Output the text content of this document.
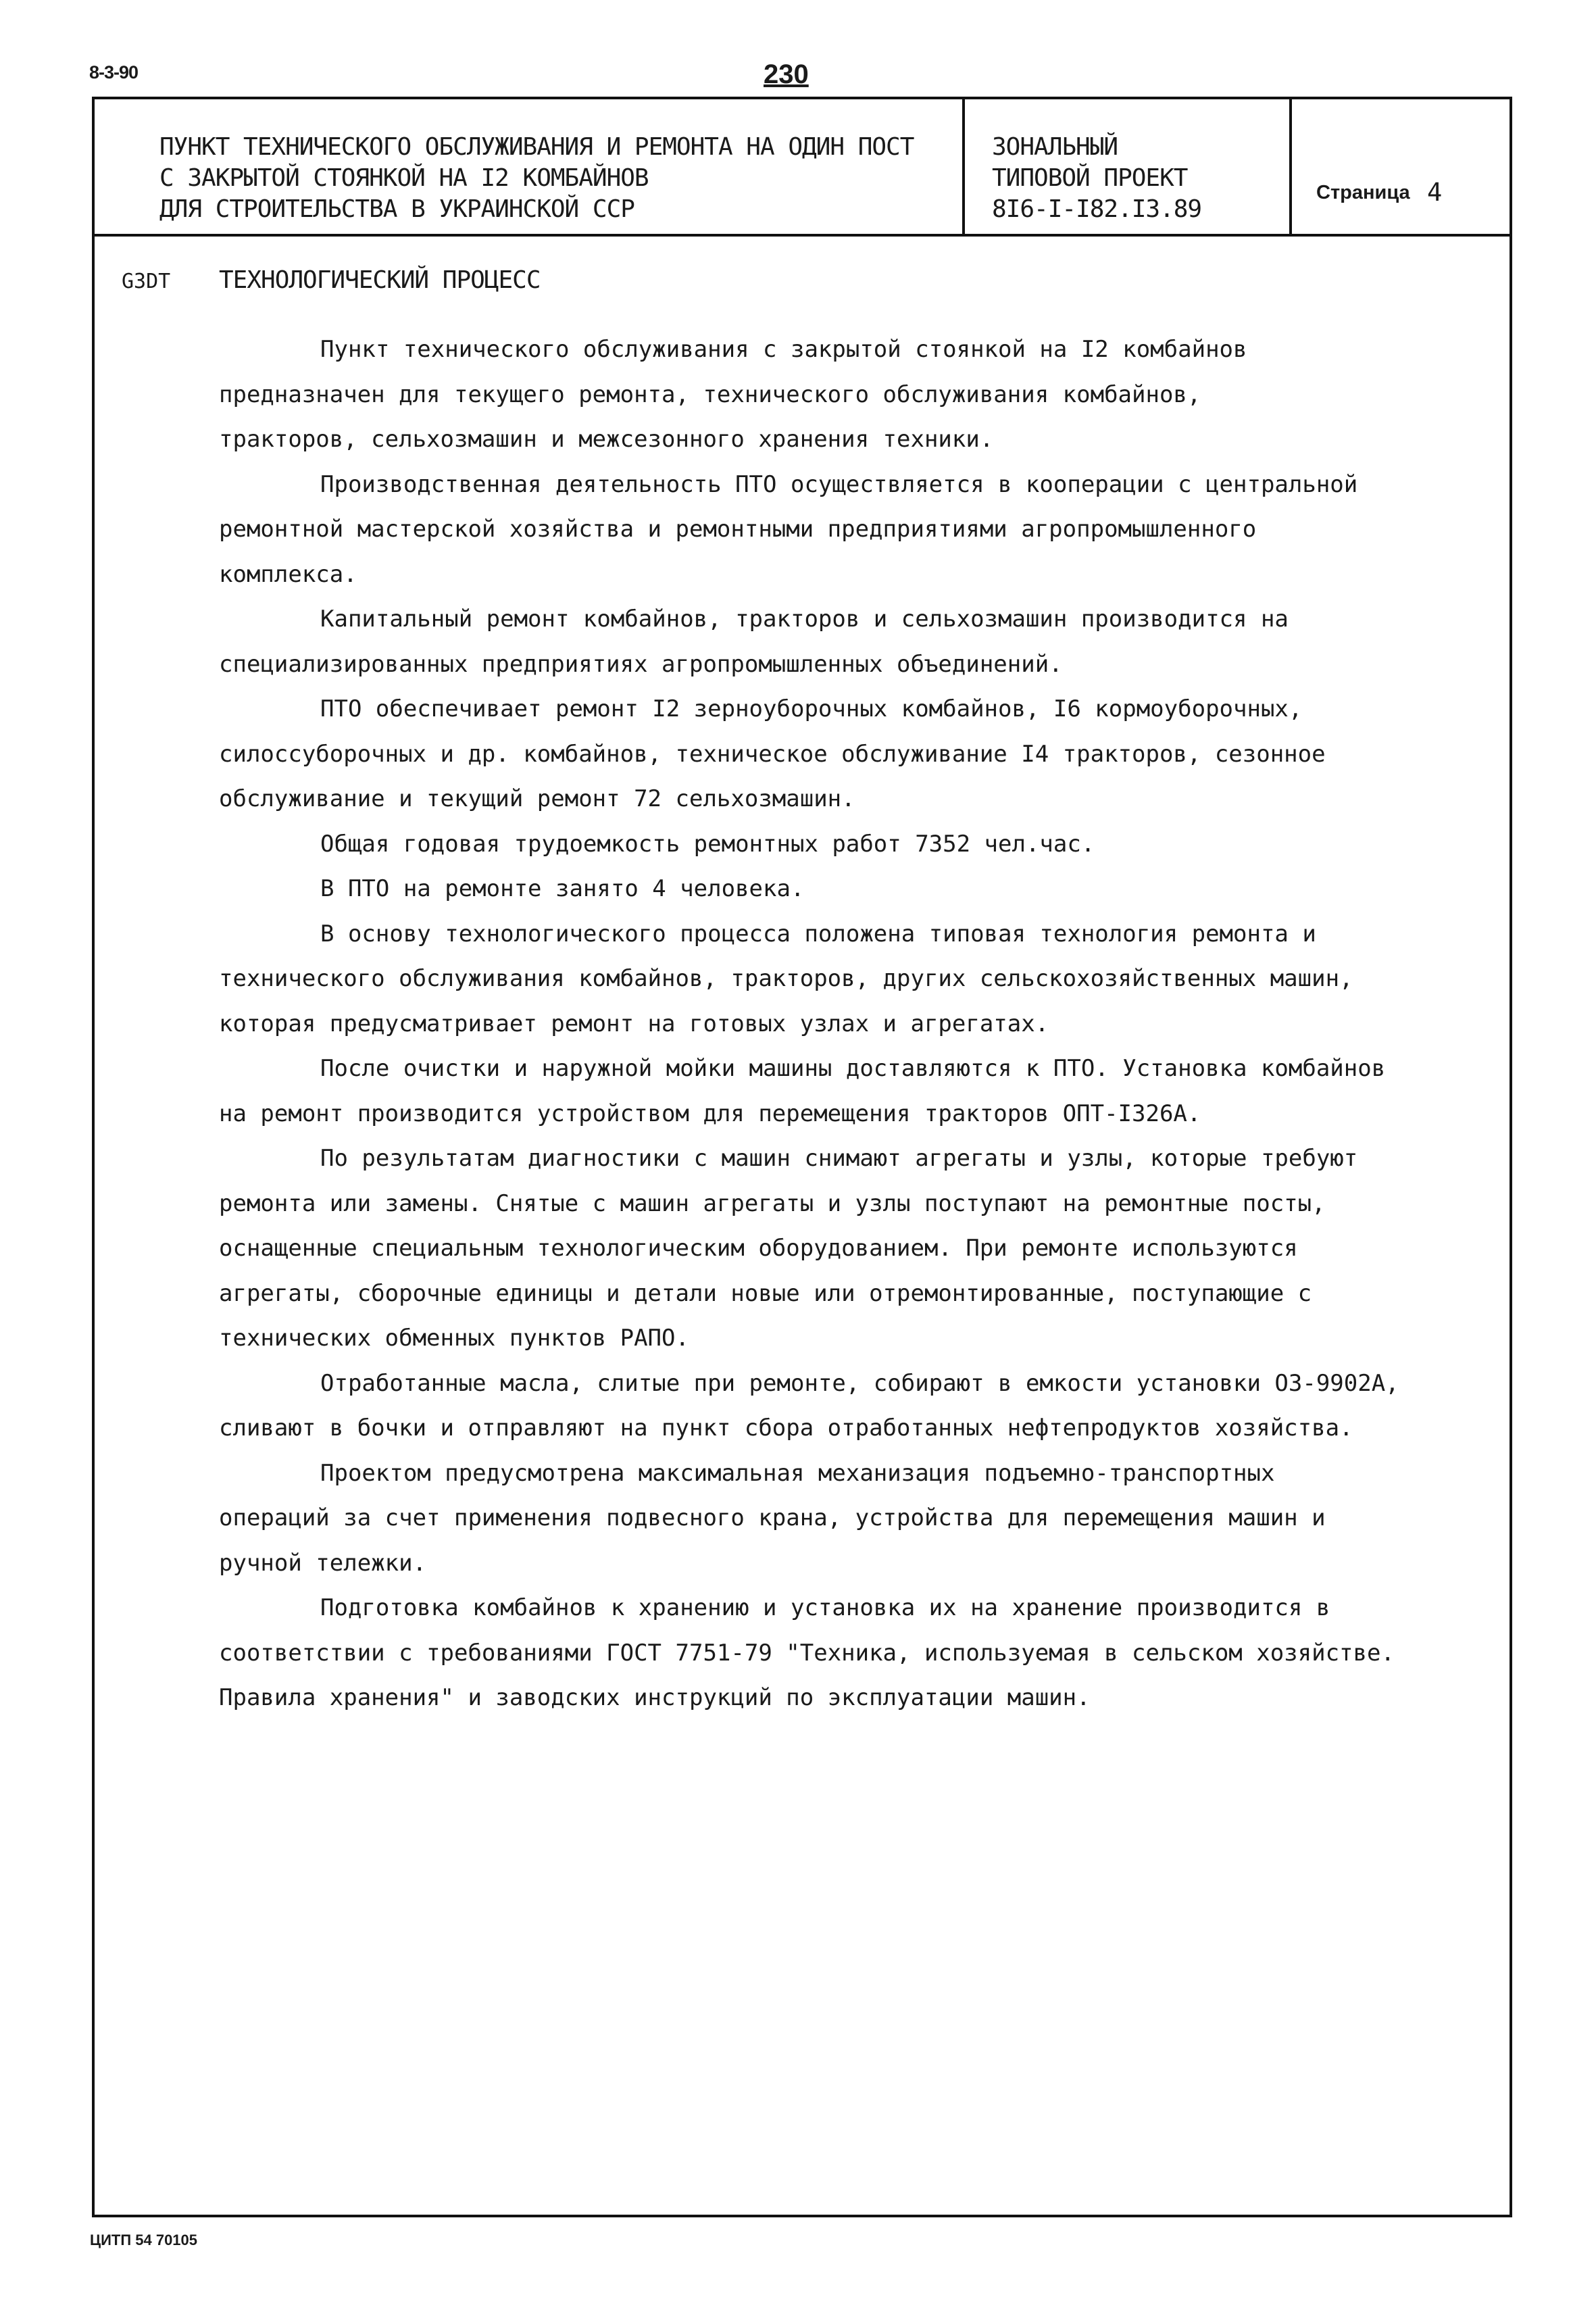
8-3-90	230
ПУНКТ ТЕХНИЧЕСКОГО ОБСЛУЖИВАНИЯ И РЕМОНТА НА ОДИН ПОСТ
С ЗАКРЫТОЙ СТОЯНКОЙ НА I2 КОМБАЙНОВ
ДЛЯ СТРОИТЕЛЬСТВА В УКРАИНСКОЙ ССР
ЗОНАЛЬНЫЙ
ТИПОВОЙ ПРОЕКТ
8I6-I-I82.I3.89
Страница 4
G3DT ТЕХНОЛОГИЧЕСКИЙ ПРОЦЕСС

Пункт технического обслуживания с закрытой стоянкой на I2 комбайнов

предназначен для текущего ремонта, технического обслуживания комбайнов,

тракторов, сельхозмашин и межсезонного хранения техники.

Производственная деятельность ПТО осуществляется в кооперации с центральной

ремонтной мастерской хозяйства и ремонтными предприятиями агропромышленного

комплекса.

Капитальный ремонт комбайнов, тракторов и сельхозмашин производится на

специализированных предприятиях агропромышленных объединений.

ПТО обеспечивает ремонт I2 зерноуборочных комбайнов, I6 кормоуборочных,

силоссуборочных и др. комбайнов, техническое обслуживание I4 тракторов, сезонное

обслуживание и текущий ремонт 72 сельхозмашин.

Общая годовая трудоемкость ремонтных работ 7352 чел.час.

В ПТО на ремонте занято 4 человека.

В основу технологического процесса положена типовая технология ремонта и

технического обслуживания комбайнов, тракторов, других сельскохозяйственных машин,

которая предусматривает ремонт на готовых узлах и агрегатах.

После очистки и наружной мойки машины доставляются к ПТО. Установка комбайнов

на ремонт производится устройством для перемещения тракторов ОПТ-I326А.

По результатам диагностики с машин снимают агрегаты и узлы, которые требуют

ремонта или замены. Снятые с машин агрегаты и узлы поступают на ремонтные посты,

оснащенные специальным технологическим оборудованием. При ремонте используются

агрегаты, сборочные единицы и детали новые или отремонтированные, поступающие с

технических обменных пунктов РАПО.

Отработанные масла, слитые при ремонте, собирают в емкости установки ОЗ-9902А,

сливают в бочки и отправляют на пункт сбора отработанных нефтепродуктов хозяйства.

Проектом предусмотрена максимальная механизация подъемно-транспортных

операций за счет применения подвесного крана, устройства для перемещения машин и

ручной тележки.

Подготовка комбайнов к хранению и установка их на хранение производится в

соответствии с требованиями ГОСТ 7751-79 "Техника, используемая в сельском хозяйстве.

Правила хранения" и заводских инструкций по эксплуатации машин.

ЦИТП 54 70105
